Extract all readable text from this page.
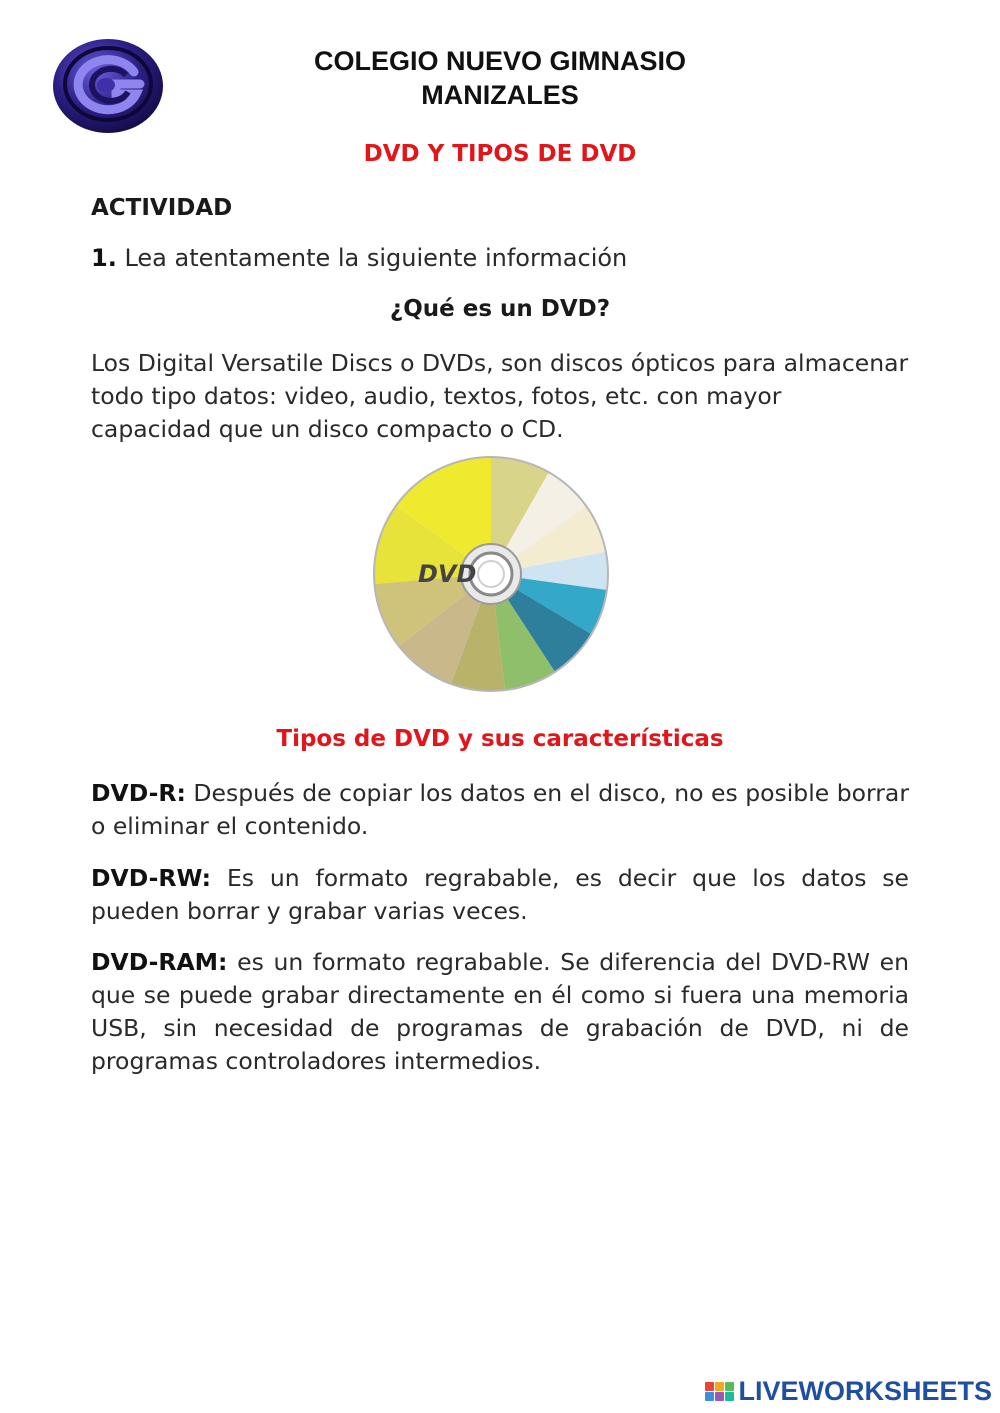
COLEGIO NUEVO GIMNASIO
MANIZALES
DVD Y TIPOS DE DVD
ACTIVIDAD
1. Lea atentamente la siguiente información
¿Qué es un DVD?
Los Digital Versatile Discs o DVDs, son discos ópticos para almacenar todo tipo datos: video, audio, textos, fotos, etc. con mayor capacidad que un disco compacto o CD.
DVD
Tipos de DVD y sus características
DVD-R: Después de copiar los datos en el disco, no es posible borrar o eliminar el contenido.
DVD-RW: Es un formato regrabable, es decir que los datos se pueden borrar y grabar varias veces.
DVD-RAM: es un formato regrabable. Se diferencia del DVD-RW en que se puede grabar directamente en él como si fuera una memoria USB, sin necesidad de programas de grabación de DVD, ni de programas controladores intermedios.
LIVEWORKSHEETS
